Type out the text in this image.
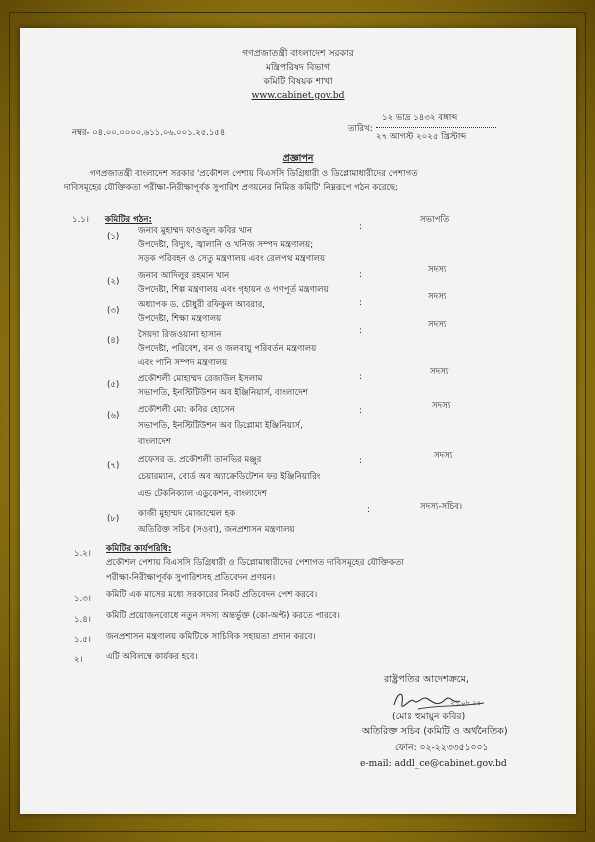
গণপ্রজাতন্ত্রী বাংলাদেশ সরকার
মন্ত্রিপরিষদ বিভাগ
কমিটি বিষয়ক শাখা
www.cabinet.gov.bd
নম্বর- ০৪.০০.০০০০.৬১১.০৬.০০১.২৫.১৫৪
১২ ভাদ্র ১৪৩২ বঙ্গাব্দ
তারিখ:
২৭ আগস্ট ২০২৫ খ্রিস্টাব্দ
প্রজ্ঞাপন
গণপ্রজাতন্ত্রী বাংলাদেশ সরকার 'প্রকৌশল পেশায় বিএসসি ডিগ্রিধারী ও ডিপ্লোমাধারীদের পেশাগত
দাবিসমূহের যৌক্তিকতা পরীক্ষা-নিরীক্ষাপূর্বক সুপারিশ প্রণয়নের নিমিত্ত কমিটি' নিম্নরূপে গঠন করেছে:
১.১। কমিটির গঠন:
(১)
জনাব মুহাম্মদ ফাওজুল কবির খান
উপদেষ্টা, বিদ্যুৎ, জ্বালানি ও খনিজ সম্পদ মন্ত্রণালয়;
সড়ক পরিবহন ও সেতু মন্ত্রণালয় এবং রেলপথ মন্ত্রণালয়
:
সভাপতি
(২)
জনাব আদিলুর রহমান খান
উপদেষ্টা, শিল্প মন্ত্রণালয় এবং গৃহায়ন ও গণপূর্ত মন্ত্রণালয়
:	সদস্য
(৩)
অধ্যাপক ড. চৌধুরী রফিকুল আবরার,
উপদেষ্টা, শিক্ষা মন্ত্রণালয়
:
সদস্য
(৪)
সৈয়দা রিজওয়ানা হাসান
উপদেষ্টা, পরিবেশ, বন ও জলবায়ু পরিবর্তন মন্ত্রণালয়
এবং পানি সম্পদ মন্ত্রণালয়
:
সদস্য
(৫)
প্রকৌশলী মোহাম্মদ রেজাউল ইসলাম
সভাপতি, ইনস্টিটিউশন অব ইঞ্জিনিয়ার্স, বাংলাদেশ
:	সদস্য
(৬)
প্রকৌশলী মো: কবির হোসেন
সভাপতি, ইনস্টিটিউশন অব ডিপ্লোমা ইঞ্জিনিয়ার্স,
বাংলাদেশ
:	সদস্য
(৭)
প্রফেসর ড. প্রকৌশলী তানভির মঞ্জুর
চেয়ারম্যান, বোর্ড অব অ্যাক্রেডিটেশন ফর ইঞ্জিনিয়ারিং
এন্ড টেকনিক্যাল এডুকেশন, বাংলাদেশ
:	সদস্য
(৮) কাজী মুহাম্মদ মোজাম্মেল হক
অতিরিক্ত সচিব (সওবা), জনপ্রশাসন মন্ত্রণালয়
:	সদস্য-সচিব।
১.২। কমিটির কার্যপরিধি:
প্রকৌশল পেশায় বিএসসি ডিগ্রিধারী ও ডিপ্লোমাধারীদের পেশাগত দাবিসমূহের যৌক্তিকতা
পরীক্ষা-নিরীক্ষাপূর্বক সুপারিশসহ প্রতিবেদন প্রণয়ন।
১.৩। কমিটি এক মাসের মধ্যে সরকারের নিকট প্রতিবেদন পেশ করবে।
১.৪। কমিটি প্রয়োজনবোধে নতুন সদস্য অন্তর্ভুক্ত (কো-অপ্ট) করতে পারবে।
১.৫। জনপ্রশাসন মন্ত্রণালয় কমিটিকে সাচিবিক সহায়তা প্রদান করবে।
২।	এটি অবিলম্বে কার্যকর হবে।
রাষ্ট্রপতির আদেশক্রমে,
২৭.০৮.২৫
(মোঃ হুমায়ুন কবির)
অতিরিক্ত সচিব (কমিটি ও অর্থনৈতিক)
ফোন: ০২-২২৩৩৫১০০১
e-mail: addl_ce@cabinet.gov.bd
